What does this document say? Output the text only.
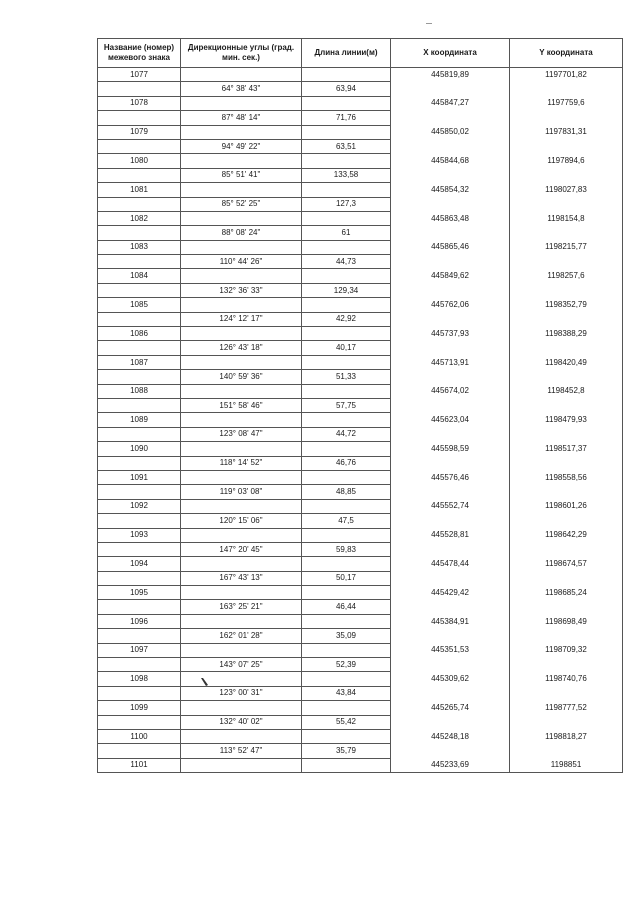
Название (номер) межевого знака	Дирекционные углы (град. мин. сек.)	Длина линии(м)	X координата	Y координата
1077			445819,89	1197701,82
	64° 38' 43"	63,94		
1078			445847,27	1197759,6
	87° 48' 14"	71,76		
1079			445850,02	1197831,31
	94° 49' 22"	63,51		
1080			445844,68	1197894,6
	85° 51' 41"	133,58		
1081			445854,32	1198027,83
	85° 52' 25"	127,3		
1082			445863,48	1198154,8
	88° 08' 24"	61		
1083			445865,46	1198215,77
	110° 44' 26"	44,73		
1084			445849,62	1198257,6
	132° 36' 33"	129,34		
1085			445762,06	1198352,79
	124° 12' 17"	42,92		
1086			445737,93	1198388,29
	126° 43' 18"	40,17		
1087			445713,91	1198420,49
	140° 59' 36"	51,33		
1088			445674,02	1198452,8
	151° 58' 46"	57,75		
1089			445623,04	1198479,93
	123° 08' 47"	44,72		
1090			445598,59	1198517,37
	118° 14' 52"	46,76		
1091			445576,46	1198558,56
	119° 03' 08"	48,85		
1092			445552,74	1198601,26
	120° 15' 06"	47,5		
1093			445528,81	1198642,29
	147° 20' 45"	59,83		
1094			445478,44	1198674,57
	167° 43' 13"	50,17		
1095			445429,42	1198685,24
	163° 25' 21"	46,44		
1096			445384,91	1198698,49
	162° 01' 28"	35,09		
1097			445351,53	1198709,32
	143° 07' 25"	52,39		
1098			445309,62	1198740,76
	123° 00' 31"	43,84		
1099			445265,74	1198777,52
	132° 40' 02"	55,42		
1100			445248,18	1198818,27
	113° 52' 47"	35,79		
1101			445233,69	1198851
